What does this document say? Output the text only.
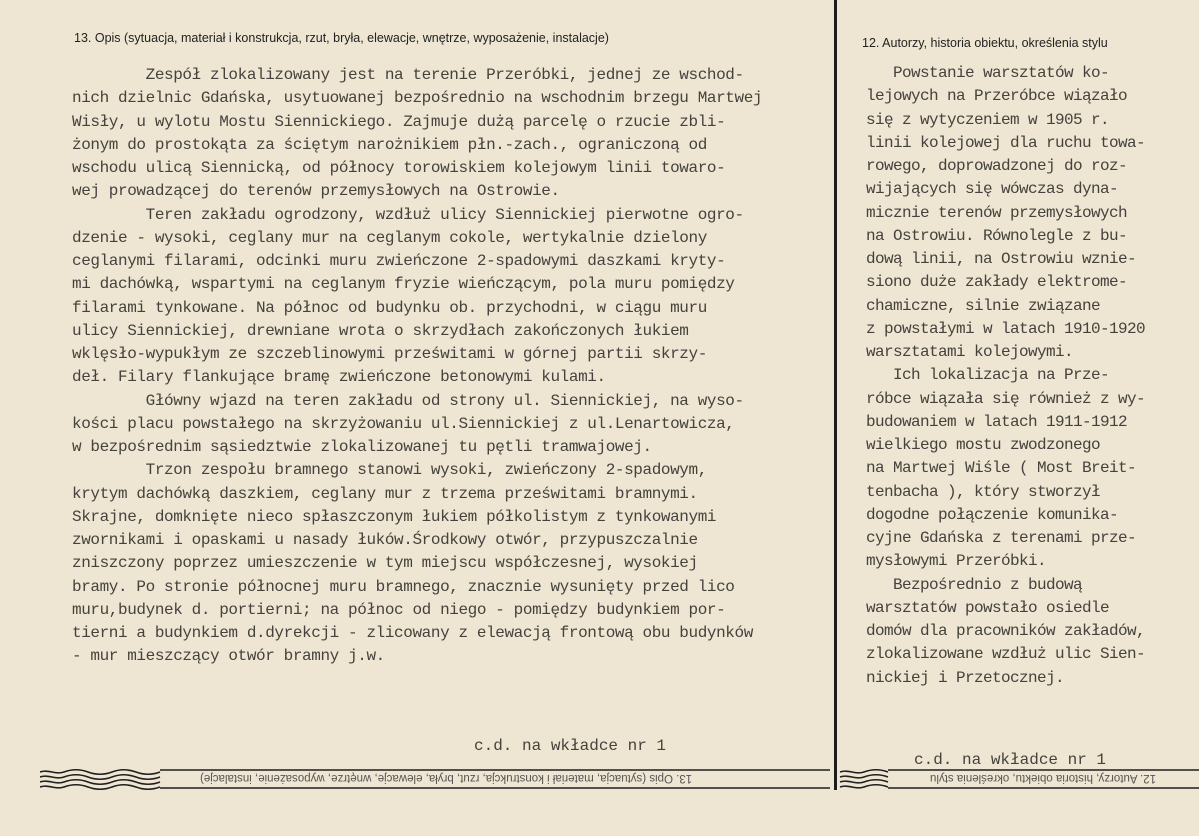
13. Opis (sytuacja, materiał i konstrukcja, rzut, bryła, elewacje, wnętrze, wyposażenie, instalacje)	12. Autorzy, historia obiektu, określenia stylu
Zespół zlokalizowany jest na terenie Przeróbki, jednej ze wschod-
nich dzielnic Gdańska, usytuowanej bezpośrednio na wschodnim brzegu Martwej
Wisły, u wylotu Mostu Siennickiego. Zajmuje dużą parcelę o rzucie zbli-
żonym do prostokąta za ściętym narożnikiem płn.-zach., ograniczoną od
wschodu ulicą Siennicką, od północy torowiskiem kolejowym linii towaro-
wej prowadzącej do terenów przemysłowych na Ostrowie.
Teren zakładu ogrodzony, wzdłuż ulicy Siennickiej pierwotne ogro-
dzenie - wysoki, ceglany mur na ceglanym cokole, wertykalnie dzielony
ceglanymi filarami, odcinki muru zwieńczone 2-spadowymi daszkami kryty-
mi dachówką, wspartymi na ceglanym fryzie wieńczącym, pola muru pomiędzy
filarami tynkowane. Na północ od budynku ob. przychodni, w ciągu muru
ulicy Siennickiej, drewniane wrota o skrzydłach zakończonych łukiem
wklęsło-wypukłym ze szczeblinowymi prześwitami w górnej partii skrzy-
deł. Filary flankujące bramę zwieńczone betonowymi kulami.
Główny wjazd na teren zakładu od strony ul. Siennickiej, na wyso-
kości placu powstałego na skrzyżowaniu ul.Siennickiej z ul.Lenartowicza,
w bezpośrednim sąsiedztwie zlokalizowanej tu pętli tramwajowej.
Trzon zespołu bramnego stanowi wysoki, zwieńczony 2-spadowym,
krytym dachówką daszkiem, ceglany mur z trzema prześwitami bramnymi.
Skrajne, domknięte nieco spłaszczonym łukiem półkolistym z tynkowanymi
zwornikami i opaskami u nasady łuków.Środkowy otwór, przypuszczalnie
zniszczony poprzez umieszczenie w tym miejscu współczesnej, wysokiej
bramy. Po stronie północnej muru bramnego, znacznie wysunięty przed lico
muru,budynek d. portierni; na północ od niego - pomiędzy budynkiem por-
tierni a budynkiem d.dyrekcji - zlicowany z elewacją frontową obu budynków
- mur mieszczący otwór bramny j.w.
Powstanie warsztatów ko-
lejowych na Przeróbce wiązało
się z wytyczeniem w 1905 r.
linii kolejowej dla ruchu towa-
rowego, doprowadzonej do roz-
wijających się wówczas dyna-
micznie terenów przemysłowych
na Ostrowiu. Równolegle z bu-
dową linii, na Ostrowiu wznie-
siono duże zakłady elektrome-
chamiczne, silnie związane
z powstałymi w latach 1910-1920
warsztatami kolejowymi.
Ich lokalizacja na Prze-
róbce wiązała się również z wy-
budowaniem w latach 1911-1912
wielkiego mostu zwodzonego
na Martwej Wiśle ( Most Breit-
tenbacha ), który stworzył
dogodne połączenie komunika-
cyjne Gdańska z terenami prze-
mysłowymi Przeróbki.
Bezpośrednio z budową
warsztatów powstało osiedle
domów dla pracowników zakładów,
zlokalizowane wzdłuż ulic Sien-
nickiej i Przetocznej.
c.d. na wkładce nr 1
c.d. na wkładce nr 1
13. Opis (sytuacja, materiał i konstrukcja, rzut, bryła, elewacje, wnętrze, wyposażenie, instalacje)	12. Autorzy, historia obiektu, określenia stylu
